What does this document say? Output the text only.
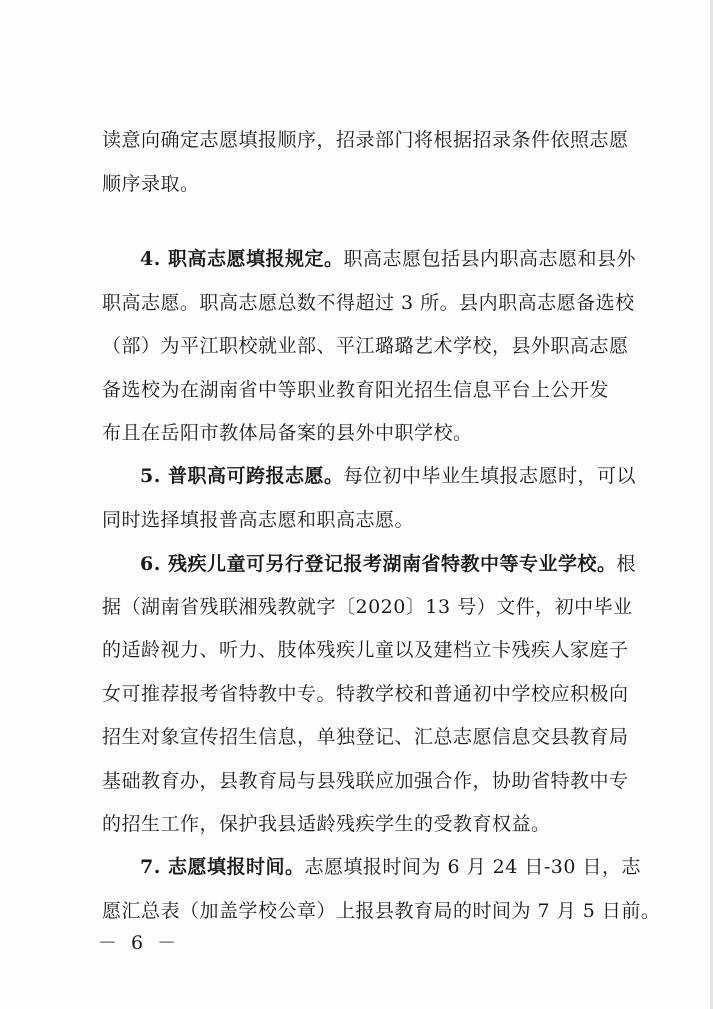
读意向确定志愿填报顺序，招录部门将根据招录条件依照志愿
顺序录取。
4. 职高志愿填报规定。职高志愿包括县内职高志愿和县外
职高志愿。职高志愿总数不得超过 3 所。县内职高志愿备选校
（部）为平江职校就业部、平江璐璐艺术学校，县外职高志愿
备选校为在湖南省中等职业教育阳光招生信息平台上公开发
布且在岳阳市教体局备案的县外中职学校。
5. 普职高可跨报志愿。每位初中毕业生填报志愿时，可以
同时选择填报普高志愿和职高志愿。
6. 残疾儿童可另行登记报考湖南省特教中等专业学校。根
据（湖南省残联湘残教就字〔2020〕13 号）文件，初中毕业
的适龄视力、听力、肢体残疾儿童以及建档立卡残疾人家庭子
女可推荐报考省特教中专。特教学校和普通初中学校应积极向
招生对象宣传招生信息，单独登记、汇总志愿信息交县教育局
基础教育办，县教育局与县残联应加强合作，协助省特教中专
的招生工作，保护我县适龄残疾学生的受教育权益。
7. 志愿填报时间。志愿填报时间为 6 月 24 日-30 日，志
愿汇总表（加盖学校公章）上报县教育局的时间为 7 月 5 日前。
－ 6 －
